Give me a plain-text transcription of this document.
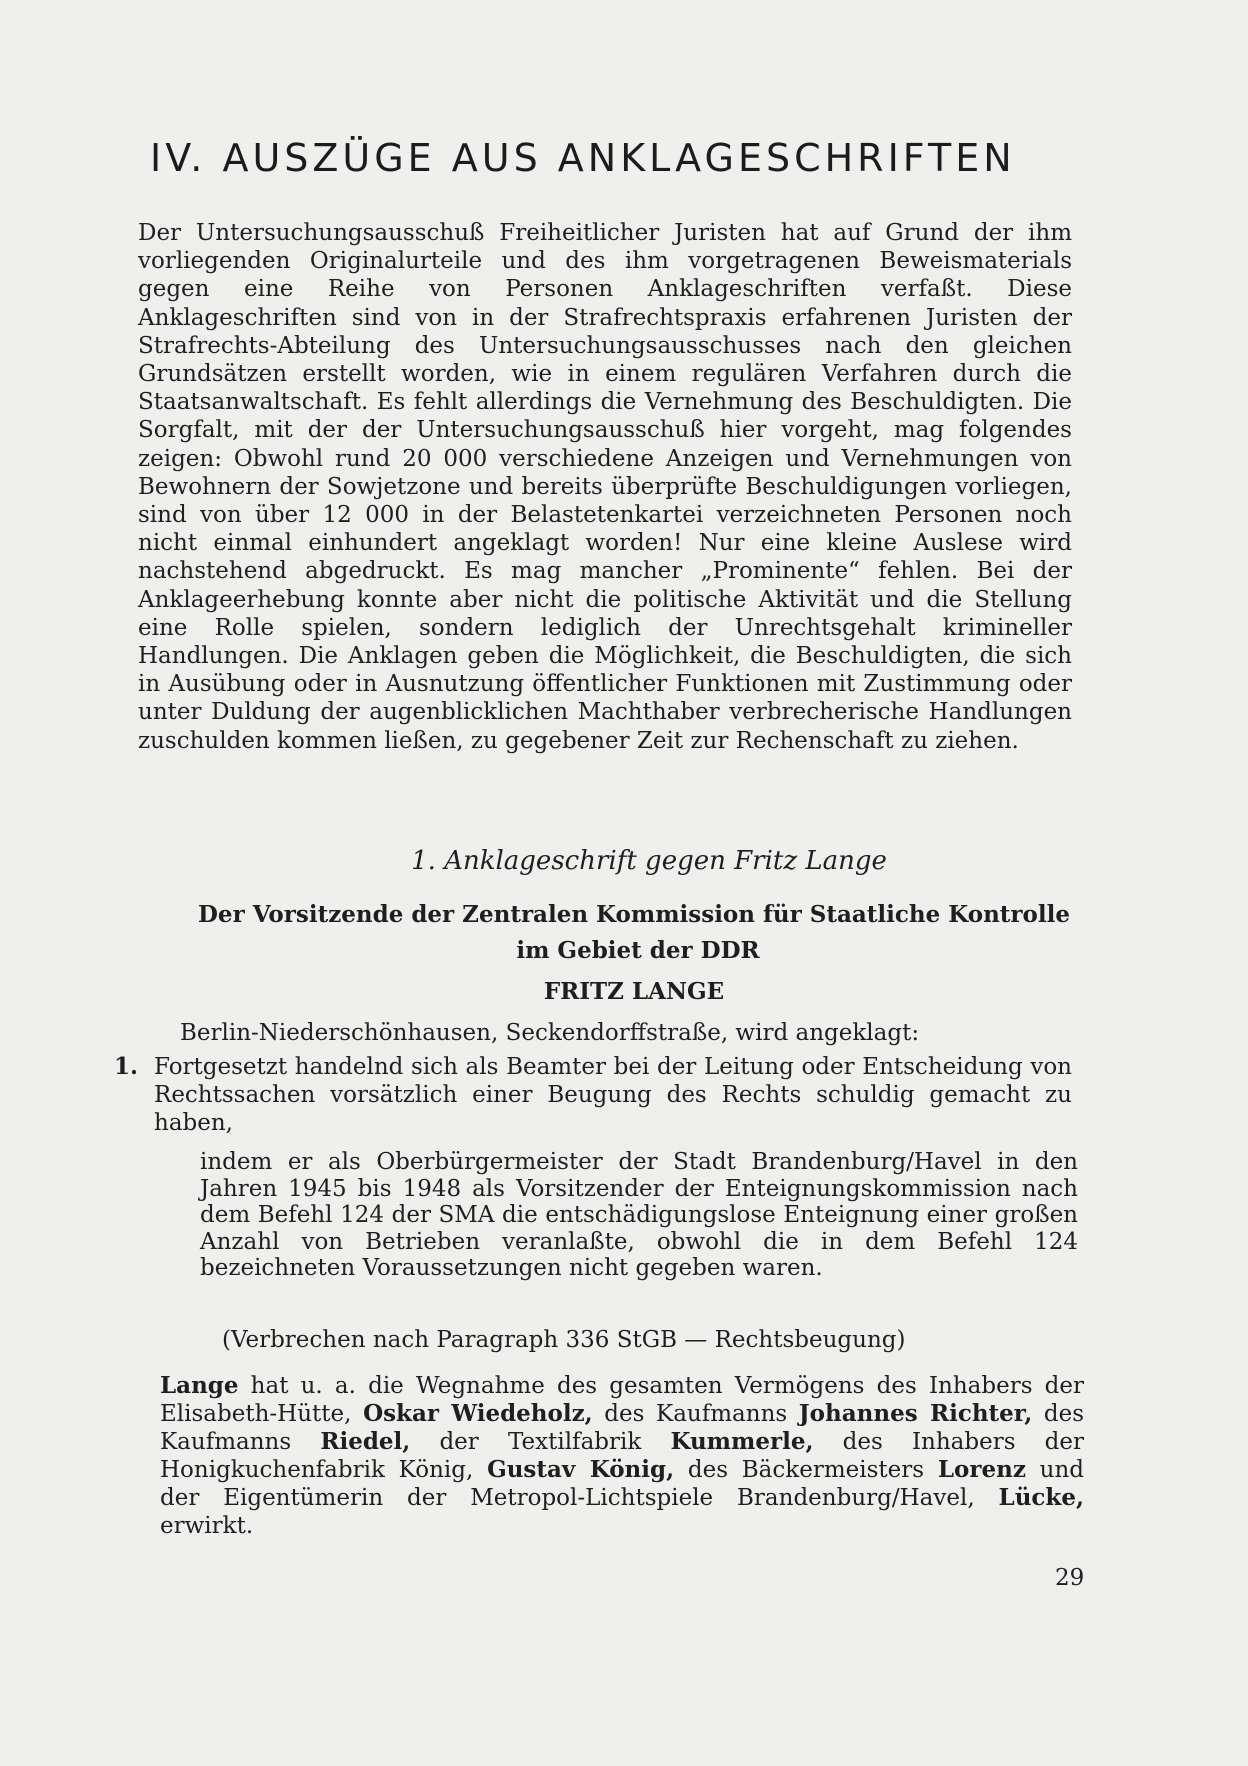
IV. AUSZÜGE AUS ANKLAGESCHRIFTEN

Der Untersuchungsausschuß Freiheitlicher Juristen hat auf Grund der ihm vorliegenden Originalurteile und des ihm vorgetragenen Beweismaterials gegen eine Reihe von Personen Anklageschriften verfaßt. Diese Anklageschriften sind von in der Strafrechtspraxis erfahrenen Juristen der Strafrechts-Abteilung des Untersuchungsausschusses nach den gleichen Grundsätzen erstellt worden, wie in einem regulären Verfahren durch die Staatsanwaltschaft. Es fehlt allerdings die Vernehmung des Beschuldigten. Die Sorgfalt, mit der der Untersuchungsausschuß hier vorgeht, mag folgendes zeigen: Obwohl rund 20 000 verschiedene Anzeigen und Vernehmungen von Bewohnern der Sowjetzone und bereits überprüfte Beschuldigungen vorliegen, sind von über 12 000 in der Belastetenkartei verzeichneten Personen noch nicht einmal einhundert angeklagt worden! Nur eine kleine Auslese wird nachstehend abgedruckt. Es mag mancher „Prominente“ fehlen. Bei der Anklageerhebung konnte aber nicht die politische Aktivität und die Stellung eine Rolle spielen, sondern lediglich der Unrechtsgehalt krimineller Handlungen. Die Anklagen geben die Möglichkeit, die Beschuldigten, die sich in Ausübung oder in Ausnutzung öffentlicher Funktionen mit Zustimmung oder unter Duldung der augenblicklichen Machthaber verbrecherische Handlungen zuschulden kommen ließen, zu gegebener Zeit zur Rechenschaft zu ziehen.

1. Anklageschrift gegen Fritz Lange
Der Vorsitzende der Zentralen Kommission für Staatliche Kontrolle
im Gebiet der DDR
FRITZ LANGE
Berlin-Niederschönhausen, Seckendorffstraße, wird angeklagt:
1. Fortgesetzt handelnd sich als Beamter bei der Leitung oder Entscheidung von Rechtssachen vorsätzlich einer Beugung des Rechts schuldig gemacht zu haben,

indem er als Oberbürgermeister der Stadt Brandenburg/Havel in den Jahren 1945 bis 1948 als Vorsitzender der Enteignungskommission nach dem Befehl 124 der SMA die entschädigungslose Enteignung einer großen Anzahl von Betrieben veranlaßte, obwohl die in dem Befehl 124 bezeichneten Voraussetzungen nicht gegeben waren.

(Verbrechen nach Paragraph 336 StGB — Rechtsbeugung)

Lange hat u. a. die Wegnahme des gesamten Vermögens des Inhabers der Elisabeth-Hütte, Oskar Wiedeholz, des Kaufmanns Johannes Richter, des Kaufmanns Riedel, der Textilfabrik Kummerle, des Inhabers der Honigkuchenfabrik König, Gustav König, des Bäckermeisters Lorenz und der Eigentümerin der Metropol-Lichtspiele Brandenburg/Havel, Lücke, erwirkt.

29
